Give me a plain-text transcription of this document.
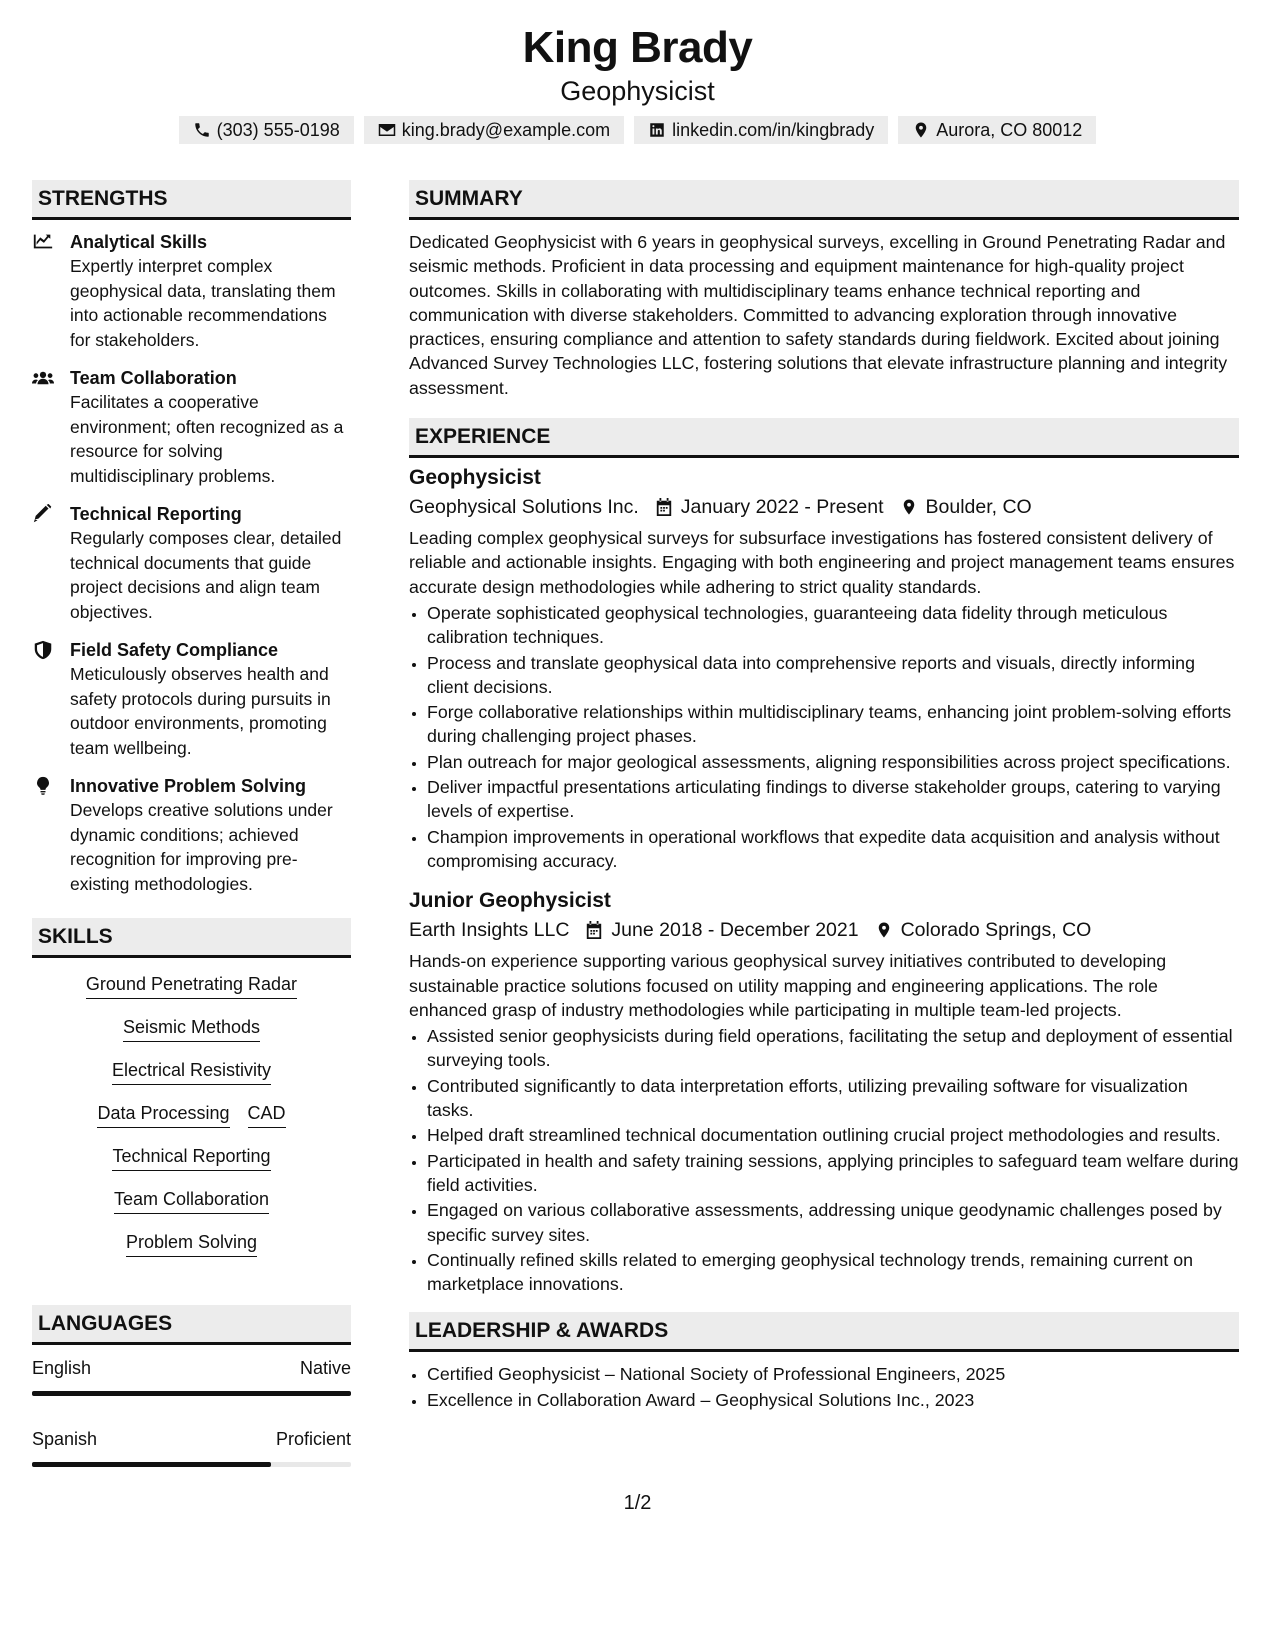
King Brady
Geophysicist
(303) 555-0198	king.brady@example.com	linkedin.com/in/kingbrady	Aurora, CO 80012
STRENGTHS
Analytical Skills
Expertly interpret complex geophysical data, translating them into actionable recommendations for stakeholders.
Team Collaboration
Facilitates a cooperative environment; often recognized as a resource for solving multidisciplinary problems.
Technical Reporting
Regularly composes clear, detailed technical documents that guide project decisions and align team objectives.
Field Safety Compliance
Meticulously observes health and safety protocols during pursuits in outdoor environments, promoting team wellbeing.
Innovative Problem Solving
Develops creative solutions under dynamic conditions; achieved recognition for improving pre-existing methodologies.
SKILLS
Ground Penetrating Radar
Seismic Methods
Electrical Resistivity
Data Processing CAD
Technical Reporting
Team Collaboration
Problem Solving
LANGUAGES
English	Native
Spanish	Proficient
SUMMARY

Dedicated Geophysicist with 6 years in geophysical surveys, excelling in Ground Penetrating Radar and seismic methods. Proficient in data processing and equipment maintenance for high-quality project outcomes. Skills in collaborating with multidisciplinary teams enhance technical reporting and communication with diverse stakeholders. Committed to advancing exploration through innovative practices, ensuring compliance and attention to safety standards during fieldwork. Excited about joining Advanced Survey Technologies LLC, fostering solutions that elevate infrastructure planning and integrity assessment.

EXPERIENCE
Geophysicist
Geophysical Solutions Inc. January 2022 - Present Boulder, CO

Leading complex geophysical surveys for subsurface investigations has fostered consistent delivery of reliable and actionable insights. Engaging with both engineering and project management teams ensures accurate design methodologies while adhering to strict quality standards.

• Operate sophisticated geophysical technologies, guaranteeing data fidelity through meticulous calibration techniques.
• Process and translate geophysical data into comprehensive reports and visuals, directly informing client decisions.
• Forge collaborative relationships within multidisciplinary teams, enhancing joint problem-solving efforts during challenging project phases.
• Plan outreach for major geological assessments, aligning responsibilities across project specifications.
• Deliver impactful presentations articulating findings to diverse stakeholder groups, catering to varying levels of expertise.
• Champion improvements in operational workflows that expedite data acquisition and analysis without compromising accuracy.
Junior Geophysicist
Earth Insights LLC June 2018 - December 2021 Colorado Springs, CO

Hands-on experience supporting various geophysical survey initiatives contributed to developing sustainable practice solutions focused on utility mapping and engineering applications. The role enhanced grasp of industry methodologies while participating in multiple team-led projects.

• Assisted senior geophysicists during field operations, facilitating the setup and deployment of essential surveying tools.
• Contributed significantly to data interpretation efforts, utilizing prevailing software for visualization tasks.
• Helped draft streamlined technical documentation outlining crucial project methodologies and results.
• Participated in health and safety training sessions, applying principles to safeguard team welfare during field activities.
• Engaged on various collaborative assessments, addressing unique geodynamic challenges posed by specific survey sites.
• Continually refined skills related to emerging geophysical technology trends, remaining current on marketplace innovations.
LEADERSHIP & AWARDS
• Certified Geophysicist – National Society of Professional Engineers, 2025
• Excellence in Collaboration Award – Geophysical Solutions Inc., 2023
1/2
